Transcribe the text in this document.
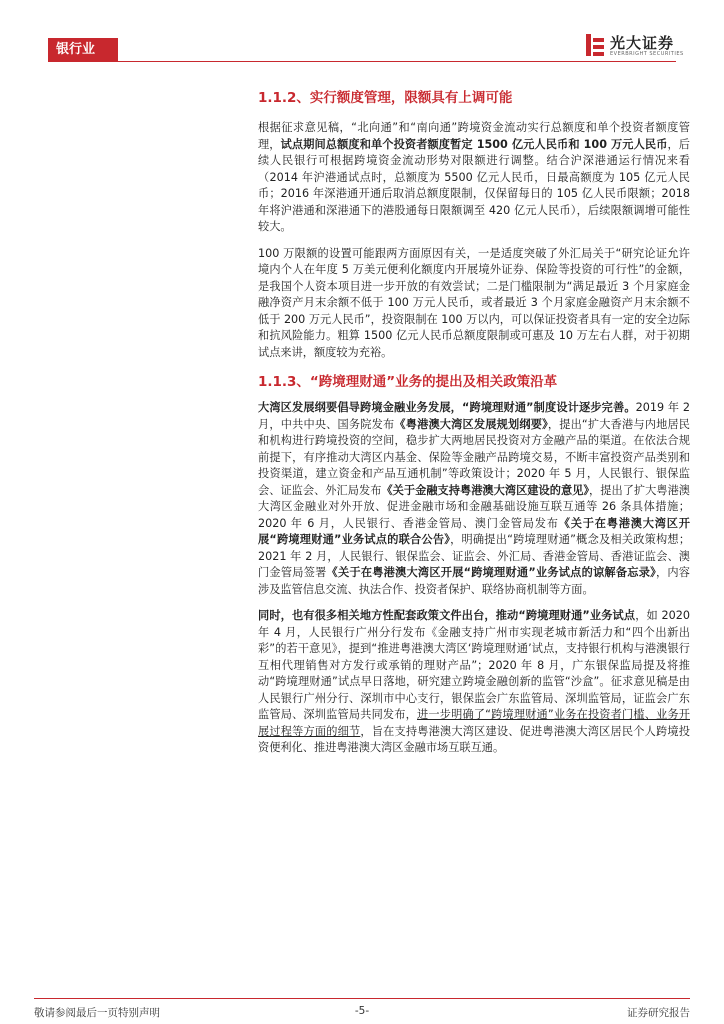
银行业	光大证券
EVERBRIGHT SECURITIES

1.1.2、实行额度管理，限额具有上调可能

根据征求意见稿，“北向通”和“南向通”跨境资金流动实行总额度和单个投资者额度管理，试点期间总额度和单个投资者额度暂定 1500 亿元人民币和 100 万元人民币，后续人民银行可根据跨境资金流动形势对限额进行调整。结合沪深港通运行情况来看（2014 年沪港通试点时，总额度为 5500 亿元人民币，日最高额度为 105 亿元人民币；2016 年深港通开通后取消总额度限制，仅保留每日的 105 亿人民币限额；2018 年将沪港通和深港通下的港股通每日限额调至 420 亿元人民币），后续限额调增可能性较大。

100 万限额的设置可能跟两方面原因有关，一是适度突破了外汇局关于“研究论证允许境内个人在年度 5 万美元便利化额度内开展境外证券、保险等投资的可行性”的金额，是我国个人资本项目进一步开放的有效尝试；二是门槛限制为“满足最近 3 个月家庭金融净资产月末余额不低于 100 万元人民币，或者最近 3 个月家庭金融资产月末余额不低于 200 万元人民币”，投资限制在 100 万以内，可以保证投资者具有一定的安全边际和抗风险能力。粗算 1500 亿元人民币总额度限制或可惠及 10 万左右人群，对于初期试点来讲，额度较为充裕。

1.1.3、“跨境理财通”业务的提出及相关政策沿革

大湾区发展纲要倡导跨境金融业务发展，“跨境理财通”制度设计逐步完善。2019 年 2 月，中共中央、国务院发布《粤港澳大湾区发展规划纲要》，提出“扩大香港与内地居民和机构进行跨境投资的空间，稳步扩大两地居民投资对方金融产品的渠道。在依法合规前提下，有序推动大湾区内基金、保险等金融产品跨境交易，不断丰富投资产品类别和投资渠道，建立资金和产品互通机制”等政策设计；2020 年 5 月，人民银行、银保监会、证监会、外汇局发布《关于金融支持粤港澳大湾区建设的意见》，提出了扩大粤港澳大湾区金融业对外开放、促进金融市场和金融基础设施互联互通等 26 条具体措施；2020 年 6 月，人民银行、香港金管局、澳门金管局发布《关于在粤港澳大湾区开展“跨境理财通”业务试点的联合公告》，明确提出“跨境理财通”概念及相关政策构想；2021 年 2 月，人民银行、银保监会、证监会、外汇局、香港金管局、香港证监会、澳门金管局签署《关于在粤港澳大湾区开展“跨境理财通”业务试点的谅解备忘录》，内容涉及监管信息交流、执法合作、投资者保护、联络协商机制等方面。

同时，也有很多相关地方性配套政策文件出台，推动“跨境理财通”业务试点，如 2020 年 4 月，人民银行广州分行发布《金融支持广州市实现老城市新活力和“四个出新出彩”的若干意见》，提到“推进粤港澳大湾区‘跨境理财通’试点，支持银行机构与港澳银行互相代理销售对方发行或承销的理财产品”；2020 年 8 月，广东银保监局提及将推动“跨境理财通”试点早日落地，研究建立跨境金融创新的监管“沙盒”。征求意见稿是由人民银行广州分行、深圳市中心支行，银保监会广东监管局、深圳监管局，证监会广东监管局、深圳监管局共同发布，进一步明确了“跨境理财通”业务在投资者门槛、业务开展过程等方面的细节，旨在支持粤港澳大湾区建设、促进粤港澳大湾区居民个人跨境投资便利化、推进粤港澳大湾区金融市场互联互通。

敬请参阅最后一页特别声明	-5-	证券研究报告
